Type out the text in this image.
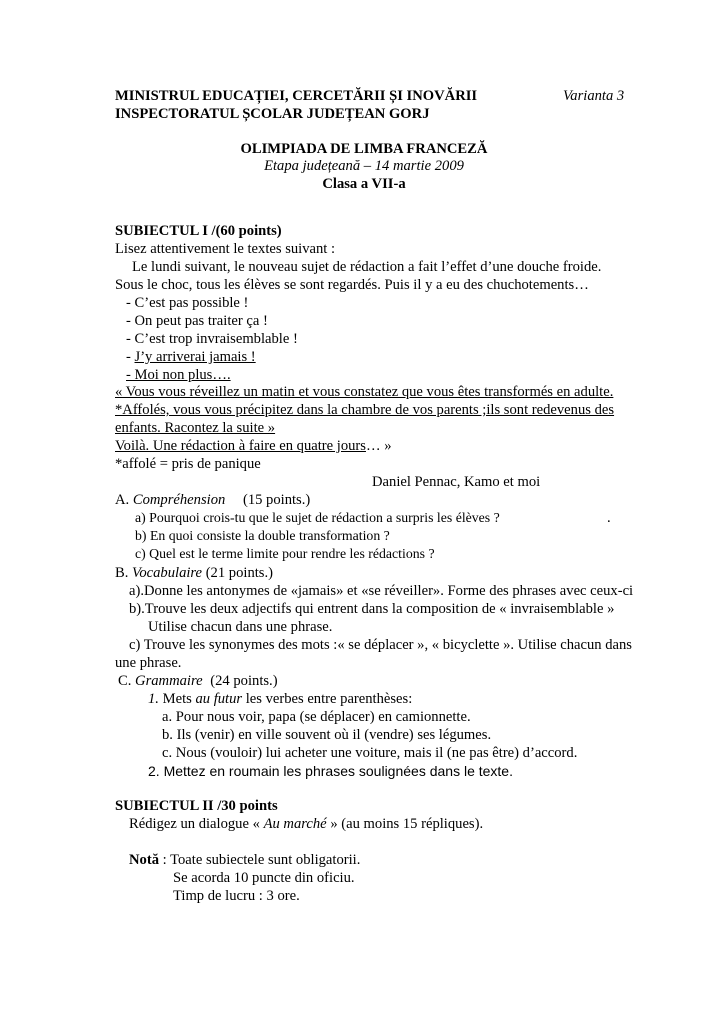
MINISTRUL EDUCAȚIEI, CERCETĂRII ȘI INOVĂRII	Varianta 3
INSPECTORATUL ȘCOLAR JUDEȚEAN GORJ
OLIMPIADA DE LIMBA FRANCEZĂ
Etapa județeană – 14 martie 2009
Clasa a VII-a
SUBIECTUL I /(60 points)
Lisez attentivement le textes suivant :
Le lundi suivant, le nouveau sujet de rédaction a fait l’effet d’une douche froide.
Sous le choc, tous les élèves se sont regardés. Puis il y a eu des chuchotements…
- C’est pas possible !
- On peut pas traiter ça !
- C’est trop invraisemblable !
- J’y arriverai jamais !
- Moi non plus….
« Vous vous réveillez un matin et vous constatez que vous êtes transformés en adulte.
*Affolés, vous vous précipitez dans la chambre de vos parents ;ils sont redevenus des
enfants. Racontez la suite »
Voilà. Une rédaction à faire en quatre jours… »
*affolé = pris de panique
Daniel Pennac, Kamo et moi
A. Compréhension (15 points.)
a) Pourquoi crois-tu que le sujet de rédaction a surpris les élèves ?	.
b) En quoi consiste la double transformation ?
c) Quel est le terme limite pour rendre les rédactions ?
B. Vocabulaire (21 points.)
a).Donne les antonymes de «jamais» et «se réveiller». Forme des phrases avec ceux-ci
b).Trouve les deux adjectifs qui entrent dans la composition de « invraisemblable »
Utilise chacun dans une phrase.
c) Trouve les synonymes des mots :« se déplacer », « bicyclette ». Utilise chacun dans
une phrase.
C. Grammaire (24 points.)
1. Mets au futur les verbes entre parenthèses:
a. Pour nous voir, papa (se déplacer) en camionnette.
b. Ils (venir) en ville souvent où il (vendre) ses légumes.
c. Nous (vouloir) lui acheter une voiture, mais il (ne pas être) d’accord.
2. Mettez en roumain les phrases soulignées dans le texte.
SUBIECTUL II /30 points
Rédigez un dialogue « Au marché » (au moins 15 répliques).
Notă : Toate subiectele sunt obligatorii.
Se acorda 10 puncte din oficiu.
Timp de lucru : 3 ore.
